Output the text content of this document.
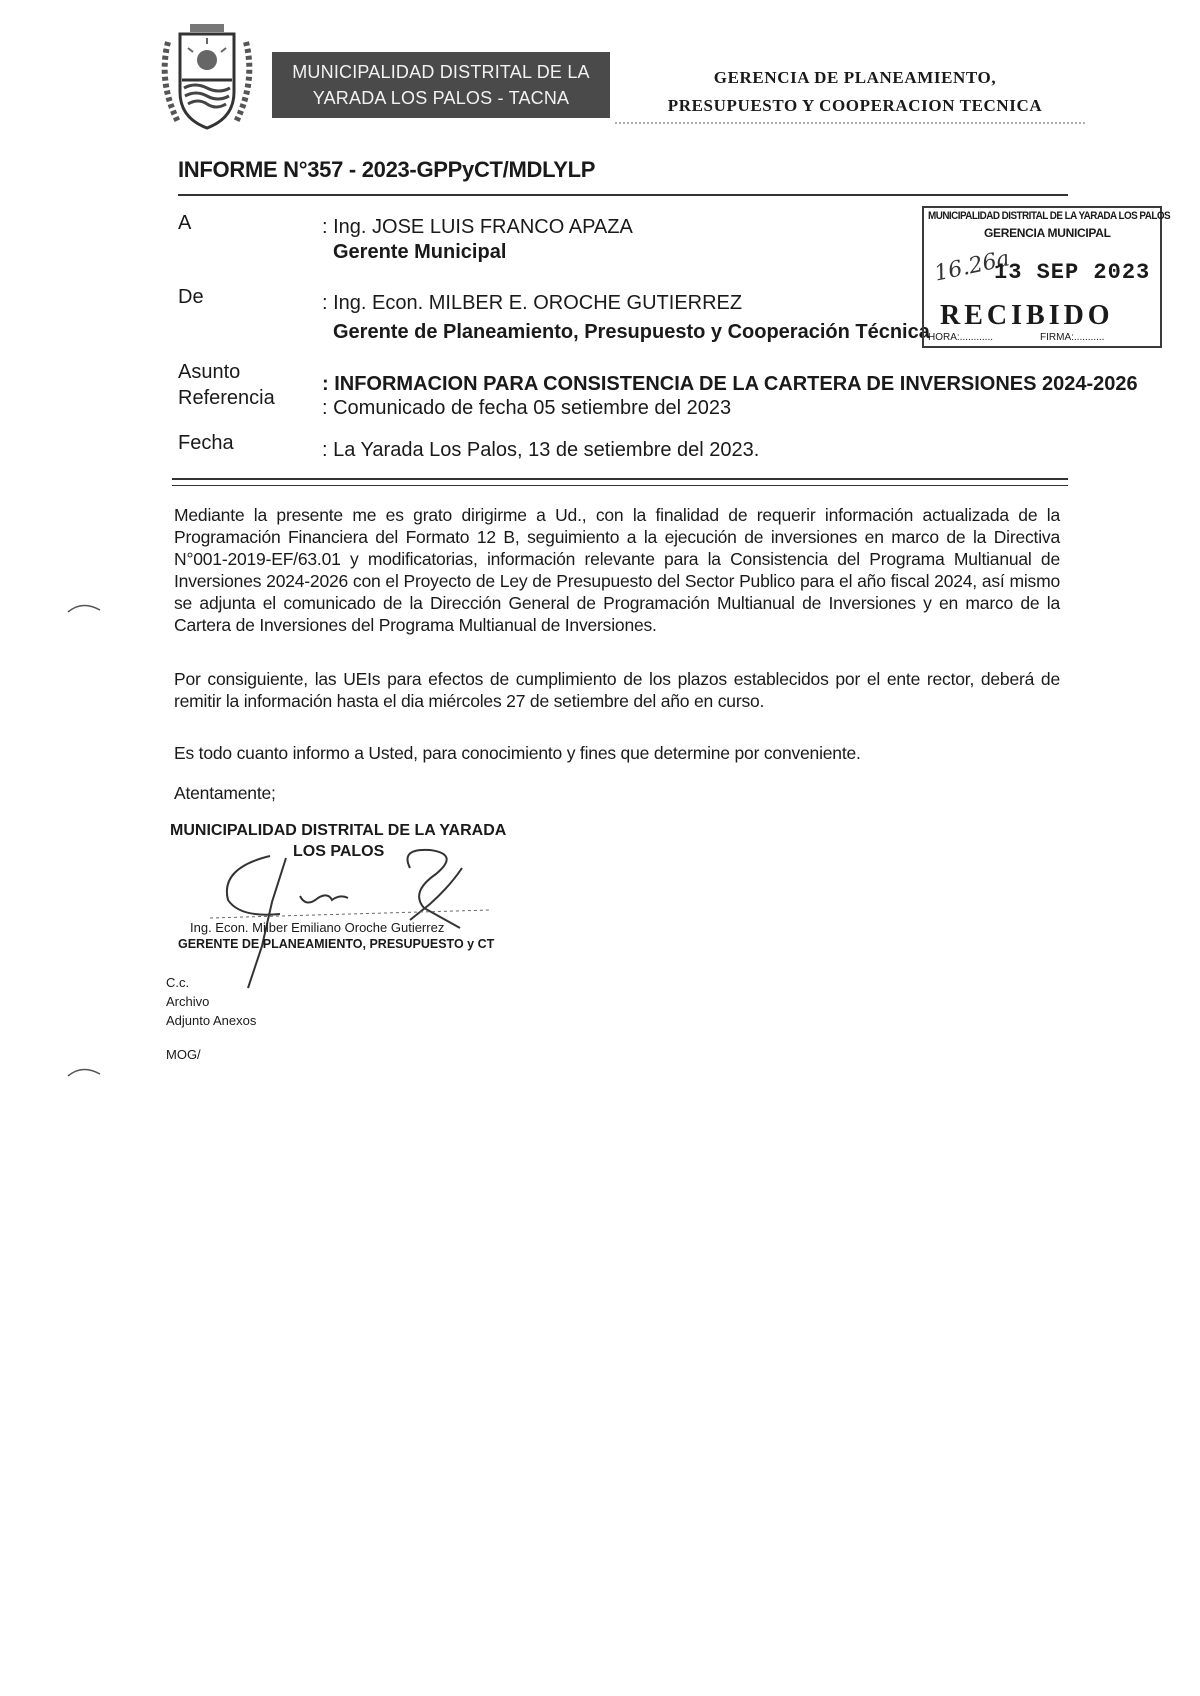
MUNICIPALIDAD DISTRITAL DE LA
YARADA LOS PALOS - TACNA
GERENCIA DE PLANEAMIENTO,
PRESUPUESTO Y COOPERACION TECNICA
INFORME N°357 - 2023-GPPyCT/MDLYLP
A	: Ing. JOSE LUIS FRANCO APAZA
Gerente Municipal
De	: Ing. Econ. MILBER E. OROCHE GUTIERREZ
Gerente de Planeamiento, Presupuesto y Cooperación Técnica
Asunto
: INFORMACION PARA CONSISTENCIA DE LA CARTERA DE INVERSIONES 2024-2026
Referencia : Comunicado de fecha 05 setiembre del 2023
Fecha	: La Yarada Los Palos, 13 de setiembre del 2023.
MUNICIPALIDAD DISTRITAL DE LA YARADA LOS PALOS
GERENCIA MUNICIPAL
16.26a
13 SEP 2023
RECIBIDO
HORA:............	FIRMA:...........
Mediante la presente me es grato dirigirme a Ud., con la finalidad de requerir información actualizada de la Programación Financiera del Formato 12 B, seguimiento a la ejecución de inversiones en marco de la Directiva N°001-2019-EF/63.01 y modificatorias, información relevante para la Consistencia del Programa Multianual de Inversiones 2024-2026 con el Proyecto de Ley de Presupuesto del Sector Publico para el año fiscal 2024, así mismo se adjunta el comunicado de la Dirección General de Programación Multianual de Inversiones y en marco de la Cartera de Inversiones del Programa Multianual de Inversiones.
Por consiguiente, las UEIs para efectos de cumplimiento de los plazos establecidos por el ente rector, deberá de remitir la información hasta el dia miércoles 27 de setiembre del año en curso.
Es todo cuanto informo a Usted, para conocimiento y fines que determine por conveniente.
Atentamente;
MUNICIPALIDAD DISTRITAL DE LA YARADA
LOS PALOS
Ing. Econ. Milber Emiliano Oroche Gutierrez
GERENTE DE PLANEAMIENTO, PRESUPUESTO y CT
C.c.
Archivo
Adjunto Anexos
MOG/
